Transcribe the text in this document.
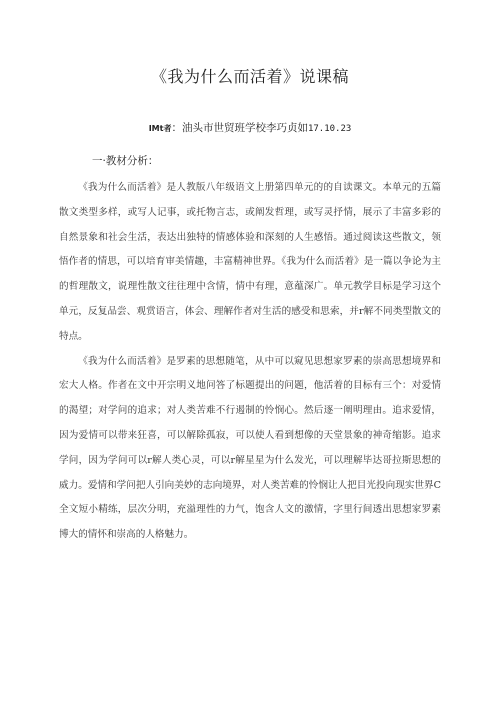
《我为什么而活着》说课稿
IMt者：油头市世贸班学校李巧贞如17.10.23
一·教材分析：

《我为什么而活着》是人教版八年级语文上册第四单元的的自读课文。本单元的五篇散文类型多样，或写人记事，或托物言志，或阐发哲理，或写灵抒情，展示了丰富多彩的自然景象和社会生活，表达出独特的情感体验和深刻的人生感悟。通过阅读这些散文，领悟作者的情思，可以培育审美情趣，丰富精神世界。《我为什么而活着》是一篇以争论为主的哲理散文，说理性散文往往理中含情，情中有理，意蕴深广。单元教学目标是学习这个单元，反复品尝、观赏语言，体会、理解作者对生活的感受和思索，并r解不同类型散文的特点。

《我为什么而活着》是罗素的思想随笔，从中可以窥见思想家罗素的崇高思想境界和宏大人格。作者在文中开宗明义地问答了标题提出的问题，他活着的目标有三个：对爱情的渴望；对学问的追求；对人类苦难不行遏制的怜悯心。然后逐一阐明理由。追求爱情，因为爱情可以带来狂喜，可以解除孤寂，可以使人看到想像的天堂景象的神奇缩影。追求学问，因为学问可以r解人类心灵，可以r解星星为什么发光，可以理解毕达哥拉斯思想的威力。爱情和学问把人引向美妙的志向境界，对人类苦难的怜悯让人把目光投向现实世界C全文短小精练，层次分明，充溢理性的力气，饱含人文的激情，字里行间透出思想家罗素博大的情怀和崇高的人格魅力。
